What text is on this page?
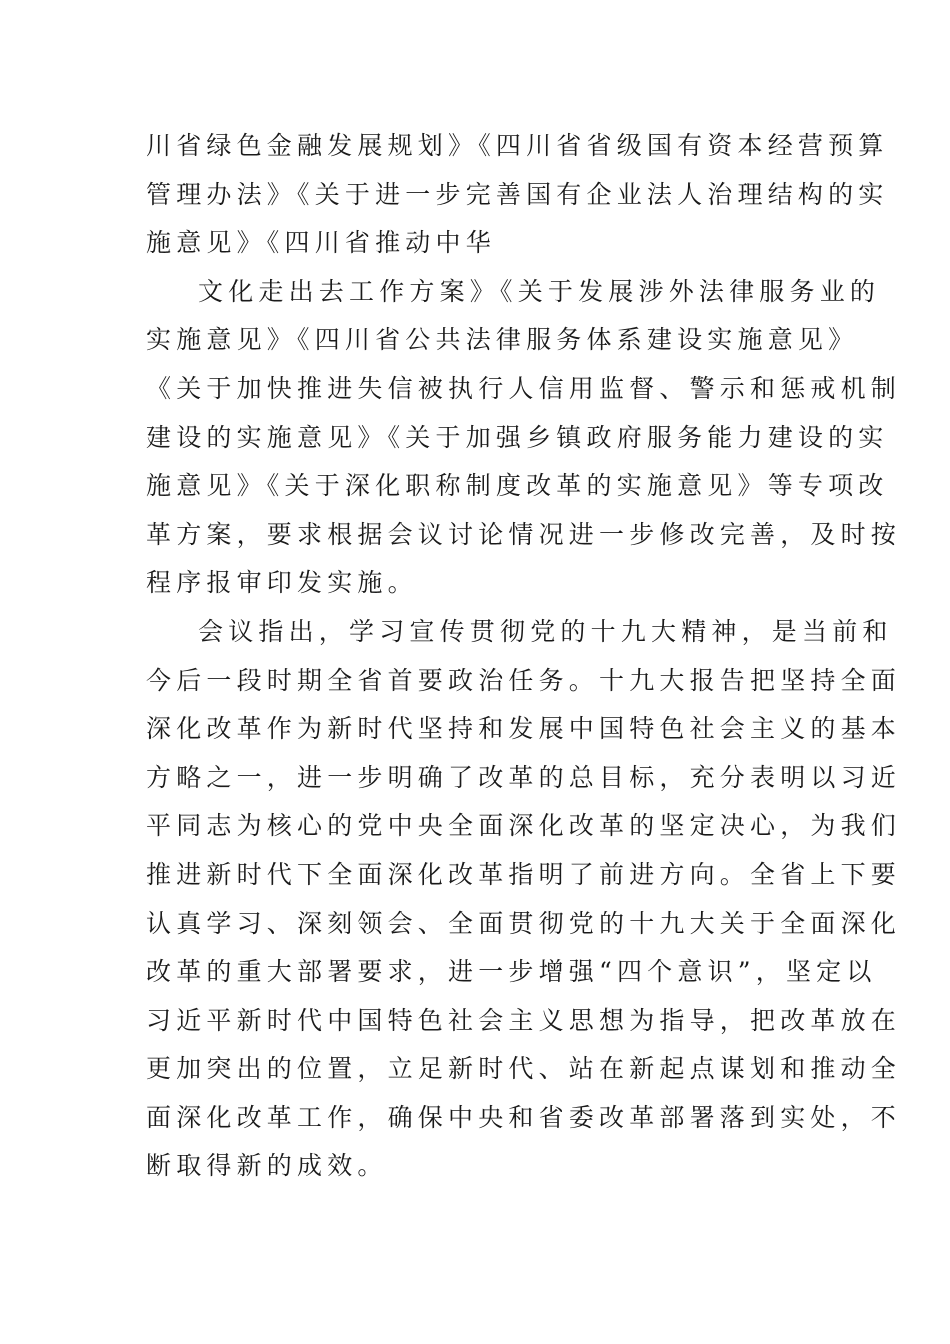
川省绿色金融发展规划》《四川省省级国有资本经营预算
管理办法》《关于进一步完善国有企业法人治理结构的实
施意见》《四川省推动中华
文化走出去工作方案》《关于发展涉外法律服务业的
实施意见》《四川省公共法律服务体系建设实施意见》
《关于加快推进失信被执行人信用监督、警示和惩戒机制
建设的实施意见》《关于加强乡镇政府服务能力建设的实
施意见》《关于深化职称制度改革的实施意见》等专项改
革方案，要求根据会议讨论情况进一步修改完善，及时按
程序报审印发实施。
会议指出，学习宣传贯彻党的十九大精神，是当前和
今后一段时期全省首要政治任务。十九大报告把坚持全面
深化改革作为新时代坚持和发展中国特色社会主义的基本
方略之一，进一步明确了改革的总目标，充分表明以习近
平同志为核心的党中央全面深化改革的坚定决心，为我们
推进新时代下全面深化改革指明了前进方向。全省上下要
认真学习、深刻领会、全面贯彻党的十九大关于全面深化
改革的重大部署要求，进一步增强“四个意识”，坚定以
习近平新时代中国特色社会主义思想为指导，把改革放在
更加突出的位置，立足新时代、站在新起点谋划和推动全
面深化改革工作，确保中央和省委改革部署落到实处，不
断取得新的成效。
